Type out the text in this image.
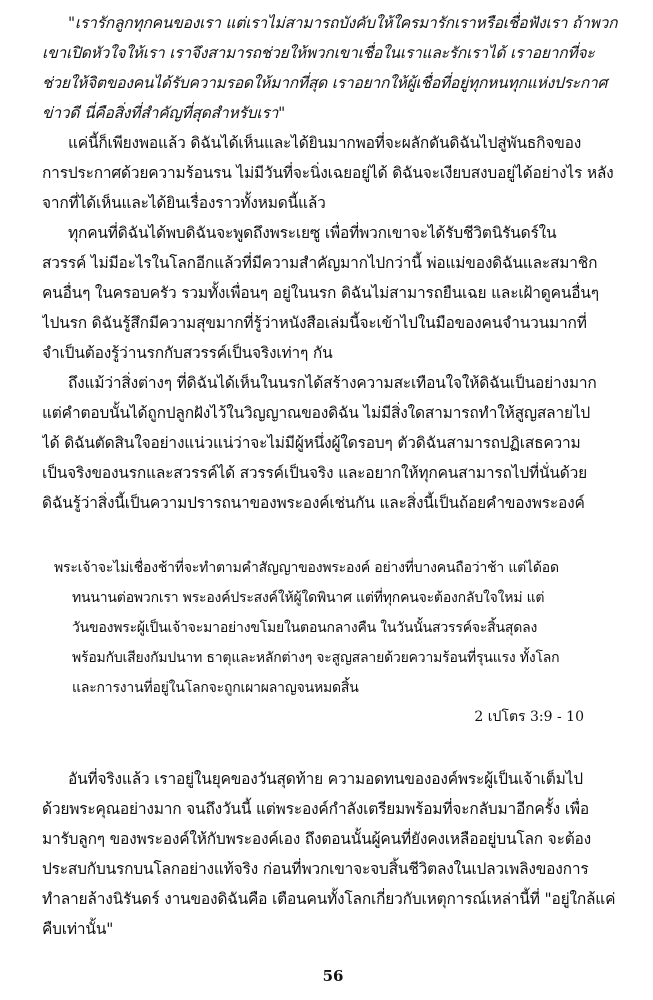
"เรารักลูกทุกคนของเรา แต่เราไม่สามารถบังคับให้ใครมารักเราหรือเชื่อฟังเรา ถ้าพวก
เขาเปิดหัวใจให้เรา เราจึงสามารถช่วยให้พวกเขาเชื่อในเราและรักเราได้ เราอยากที่จะ
ช่วยให้จิตของคนได้รับความรอดให้มากที่สุด เราอยากให้ผู้เชื่อที่อยู่ทุกหนทุกแห่งประกาศ
ข่าวดี นี่คือสิ่งที่สำคัญที่สุดสำหรับเรา"
แค่นี้ก็เพียงพอแล้ว ดิฉันได้เห็นและได้ยินมากพอที่จะผลักดันดิฉันไปสู่พันธกิจของ
การประกาศด้วยความร้อนรน ไม่มีวันที่จะนิ่งเฉยอยู่ได้ ดิฉันจะเงียบสงบอยู่ได้อย่างไร หลัง
จากที่ได้เห็นและได้ยินเรื่องราวทั้งหมดนี้แล้ว
ทุกคนที่ดิฉันได้พบดิฉันจะพูดถึงพระเยซู เพื่อที่พวกเขาจะได้รับชีวิตนิรันดร์ใน
สวรรค์ ไม่มีอะไรในโลกอีกแล้วที่มีความสำคัญมากไปกว่านี้ พ่อแม่ของดิฉันและสมาชิก
คนอื่นๆ ในครอบครัว รวมทั้งเพื่อนๆ อยู่ในนรก ดิฉันไม่สามารถยืนเฉย และเฝ้าดูคนอื่นๆ
ไปนรก ดิฉันรู้สึกมีความสุขมากที่รู้ว่าหนังสือเล่มนี้จะเข้าไปในมือของคนจำนวนมากที่
จำเป็นต้องรู้ว่านรกกับสวรรค์เป็นจริงเท่าๆ กัน
ถึงแม้ว่าสิ่งต่างๆ ที่ดิฉันได้เห็นในนรกได้สร้างความสะเทือนใจให้ดิฉันเป็นอย่างมาก
แต่คำตอบนั้นได้ถูกปลูกฝังไว้ในวิญญาณของดิฉัน ไม่มีสิ่งใดสามารถทำให้สูญสลายไป
ได้ ดิฉันตัดสินใจอย่างแน่วแน่ว่าจะไม่มีผู้หนึ่งผู้ใดรอบๆ ตัวดิฉันสามารถปฏิเสธความ
เป็นจริงของนรกและสวรรค์ได้ สวรรค์เป็นจริง และอยากให้ทุกคนสามารถไปที่นั่นด้วย
ดิฉันรู้ว่าสิ่งนี้เป็นความปรารถนาของพระองค์เช่นกัน และสิ่งนี้เป็นถ้อยคำของพระองค์
พระเจ้าจะไม่เชื่องช้าที่จะทำตามคำสัญญาของพระองค์ อย่างที่บางคนถือว่าช้า แต่ได้อด
ทนนานต่อพวกเรา พระองค์ประสงค์ให้ผู้ใดพินาศ แต่ที่ทุกคนจะต้องกลับใจใหม่ แต่
วันของพระผู้เป็นเจ้าจะมาอย่างขโมยในตอนกลางคืน ในวันนั้นสวรรค์จะสิ้นสุดลง
พร้อมกับเสียงกัมปนาท ธาตุและหลักต่างๆ จะสูญสลายด้วยความร้อนที่รุนแรง ทั้งโลก
และการงานที่อยู่ในโลกจะถูกเผาผลาญจนหมดสิ้น
2 เปโตร 3:9 - 10
อันที่จริงแล้ว เราอยู่ในยุคของวันสุดท้าย ความอดทนขององค์พระผู้เป็นเจ้าเต็มไป
ด้วยพระคุณอย่างมาก จนถึงวันนี้ แต่พระองค์กำลังเตรียมพร้อมที่จะกลับมาอีกครั้ง เพื่อ
มารับลูกๆ ของพระองค์ให้กับพระองค์เอง ถึงตอนนั้นผู้คนที่ยังคงเหลืออยู่บนโลก จะต้อง
ประสบกับนรกบนโลกอย่างแท้จริง ก่อนที่พวกเขาจะจบสิ้นชีวิตลงในเปลวเพลิงของการ
ทำลายล้างนิรันดร์ งานของดิฉันคือ เตือนคนทั้งโลกเกี่ยวกับเหตุการณ์เหล่านี้ที่ "อยู่ใกล้แค่
คืบเท่านั้น"
56
